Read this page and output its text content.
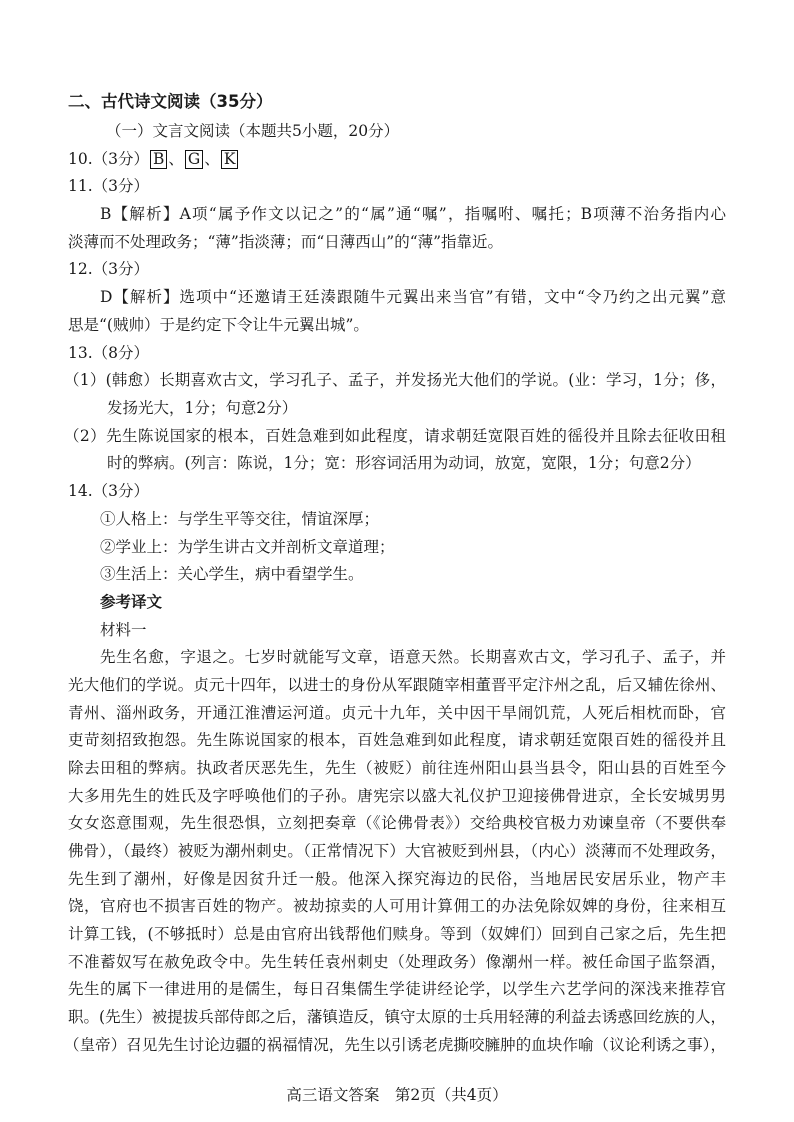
二、古代诗文阅读（35分）
（一）文言文阅读（本题共5小题，20分）
10.（3分） B 、 G 、 K
11.（3分）
B【解析】A项“属予作文以记之”的“属”通“嘱”，指嘱咐、嘱托；B项薄不治务指内心
淡薄而不处理政务；“薄”指淡薄；而“日薄西山”的“薄”指靠近。
12.（3分）
D【解析】选项中“还邀请王廷湊跟随牛元翼出来当官”有错，文中“令乃约之出元翼”意
思是“(贼帅）于是约定下令让牛元翼出城”。
13.（8分）
（1）(韩愈）长期喜欢古文，学习孔子、孟子，并发扬光大他们的学说。(业：学习，1分；侈，
发扬光大，1分；句意2分）
（2）先生陈说国家的根本，百姓急难到如此程度，请求朝廷宽限百姓的徭役并且除去征收田租
时的弊病。(列言：陈说，1分；宽：形容词活用为动词，放宽，宽限，1分；句意2分）
14.（3分）
①人格上：与学生平等交往，情谊深厚；
②学业上：为学生讲古文并剖析文章道理；
③生活上：关心学生，病中看望学生。
参考译文
材料一
先生名愈，字退之。七岁时就能写文章，语意天然。长期喜欢古文，学习孔子、孟子，并
光大他们的学说。贞元十四年，以进士的身份从军跟随宰相董晋平定汴州之乱，后又辅佐徐州、
青州、淄州政务，开通江淮漕运河道。贞元十九年，关中因干旱闹饥荒，人死后相枕而卧，官
吏苛刻招致抱怨。先生陈说国家的根本，百姓急难到如此程度，请求朝廷宽限百姓的徭役并且
除去田租的弊病。执政者厌恶先生，先生（被贬）前往连州阳山县当县令，阳山县的百姓至今
大多用先生的姓氏及字呼唤他们的子孙。唐宪宗以盛大礼仪护卫迎接佛骨进京，全长安城男男
女女恣意围观，先生很恐惧，立刻把奏章（《论佛骨表》）交给典校官极力劝谏皇帝（不要供奉
佛骨），（最终）被贬为潮州刺史。（正常情况下）大官被贬到州县，（内心）淡薄而不处理政务，
先生到了潮州，好像是因贫升迁一般。他深入探究海边的民俗，当地居民安居乐业，物产丰
饶，官府也不损害百姓的物产。被劫掠卖的人可用计算佣工的办法免除奴婢的身份，往来相互
计算工钱，(不够抵时）总是由官府出钱帮他们赎身。等到（奴婢们）回到自己家之后，先生把
不准蓄奴写在赦免政令中。先生转任袁州刺史（处理政务）像潮州一样。被任命国子监祭酒，
先生的属下一律进用的是儒生，每日召集儒生学徒讲经论学，以学生六艺学问的深浅来推荐官
职。(先生）被提拔兵部侍郎之后，藩镇造反，镇守太原的士兵用轻薄的利益去诱惑回纥族的人，
（皇帝）召见先生讨论边疆的祸福情况，先生以引诱老虎撕咬臃肿的血块作喻（议论利诱之事），
高三语文答案　第2页（共4页）
